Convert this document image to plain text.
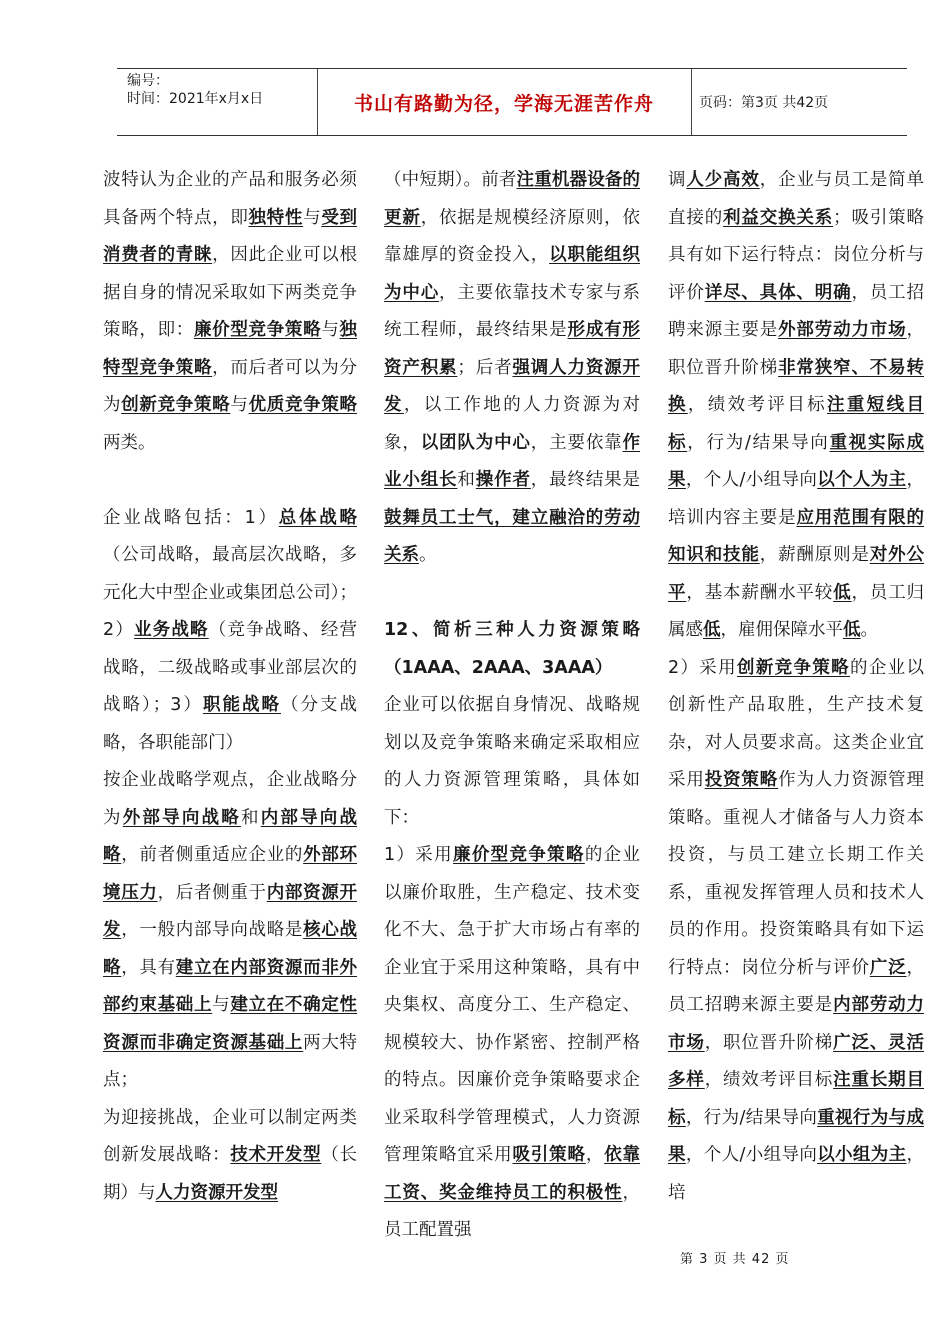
编号：
时间：2021年x月x日	书山有路勤为径，学海无涯苦作舟	页码：第3页 共42页

波特认为企业的产品和服务必须具备两个特点，即独特性与受到消费者的青睐，因此企业可以根据自身的情况采取如下两类竞争策略，即：廉价型竞争策略与独特型竞争策略，而后者可以为分为创新竞争策略与优质竞争策略两类。

企业战略包括：1）总体战略（公司战略，最高层次战略，多元化大中型企业或集团总公司）；2）业务战略（竞争战略、经营战略，二级战略或事业部层次的战略）；3）职能战略（分支战略，各职能部门）

按企业战略学观点，企业战略分为外部导向战略和内部导向战略，前者侧重适应企业的外部环境压力，后者侧重于内部资源开发，一般内部导向战略是核心战略，具有建立在内部资源而非外部约束基础上与建立在不确定性资源而非确定资源基础上两大特点；

为迎接挑战，企业可以制定两类创新发展战略：技术开发型（长期）与人力资源开发型

（中短期）。前者注重机器设备的更新，依据是规模经济原则，依靠雄厚的资金投入，以职能组织为中心，主要依靠技术专家与系统工程师，最终结果是形成有形资产积累；后者强调人力资源开发，以工作地的人力资源为对象，以团队为中心，主要依靠作业小组长和操作者，最终结果是鼓舞员工士气，建立融洽的劳动关系。

12、简析三种人力资源策略（1AAA、2AAA、3AAA）

企业可以依据自身情况、战略规划以及竞争策略来确定采取相应的人力资源管理策略，具体如下：

1）采用廉价型竞争策略的企业以廉价取胜，生产稳定、技术变化不大、急于扩大市场占有率的企业宜于采用这种策略，具有中央集权、高度分工、生产稳定、规模较大、协作紧密、控制严格的特点。因廉价竞争策略要求企业采取科学管理模式，人力资源管理策略宜采用吸引策略，依靠工资、奖金维持员工的积极性，员工配置强

调人少高效，企业与员工是简单直接的利益交换关系；吸引策略具有如下运行特点：岗位分析与评价详尽、具体、明确，员工招聘来源主要是外部劳动力市场，职位晋升阶梯非常狭窄、不易转换，绩效考评目标注重短线目标，行为/结果导向重视实际成果，个人/小组导向以个人为主，培训内容主要是应用范围有限的知识和技能，薪酬原则是对外公平，基本薪酬水平较低，员工归属感低，雇佣保障水平低。

2）采用创新竞争策略的企业以创新性产品取胜，生产技术复杂，对人员要求高。这类企业宜采用投资策略作为人力资源管理策略。重视人才储备与人力资本投资，与员工建立长期工作关系，重视发挥管理人员和技术人员的作用。投资策略具有如下运行特点：岗位分析与评价广泛，员工招聘来源主要是内部劳动力市场，职位晋升阶梯广泛、灵活多样，绩效考评目标注重长期目标，行为/结果导向重视行为与成果，个人/小组导向以小组为主，培

第 3 页 共 42 页
